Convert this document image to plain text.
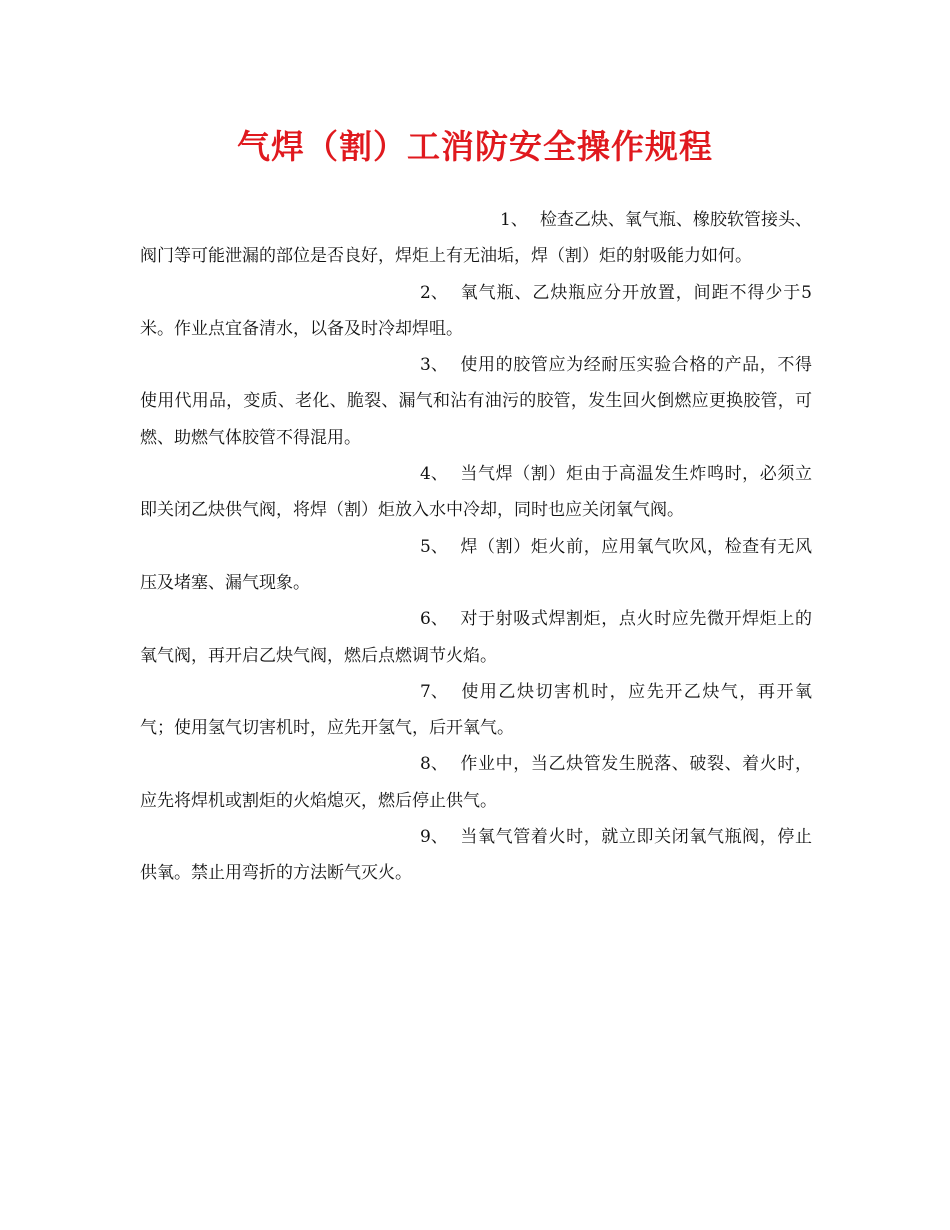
气焊（割）工消防安全操作规程

1、 检查乙炔、氧气瓶、橡胶软管接头、阀门等可能泄漏的部位是否良好，焊炬上有无油垢，焊（割）炬的射吸能力如何。

2、 氧气瓶、乙炔瓶应分开放置，间距不得少于5米。作业点宜备清水，以备及时冷却焊咀。

3、 使用的胶管应为经耐压实验合格的产品，不得使用代用品，变质、老化、脆裂、漏气和沾有油污的胶管，发生回火倒燃应更换胶管，可燃、助燃气体胶管不得混用。

4、 当气焊（割）炬由于高温发生炸鸣时，必须立即关闭乙炔供气阀，将焊（割）炬放入水中冷却，同时也应关闭氧气阀。

5、 焊（割）炬火前，应用氧气吹风，检查有无风压及堵塞、漏气现象。

6、 对于射吸式焊割炬，点火时应先微开焊炬上的氧气阀，再开启乙炔气阀，燃后点燃调节火焰。

7、 使用乙炔切害机时，应先开乙炔气，再开氧气；使用氢气切害机时，应先开氢气，后开氧气。

8、 作业中，当乙炔管发生脱落、破裂、着火时，应先将焊机或割炬的火焰熄灭，燃后停止供气。

9、 当氧气管着火时，就立即关闭氧气瓶阀，停止供氧。禁止用弯折的方法断气灭火。
